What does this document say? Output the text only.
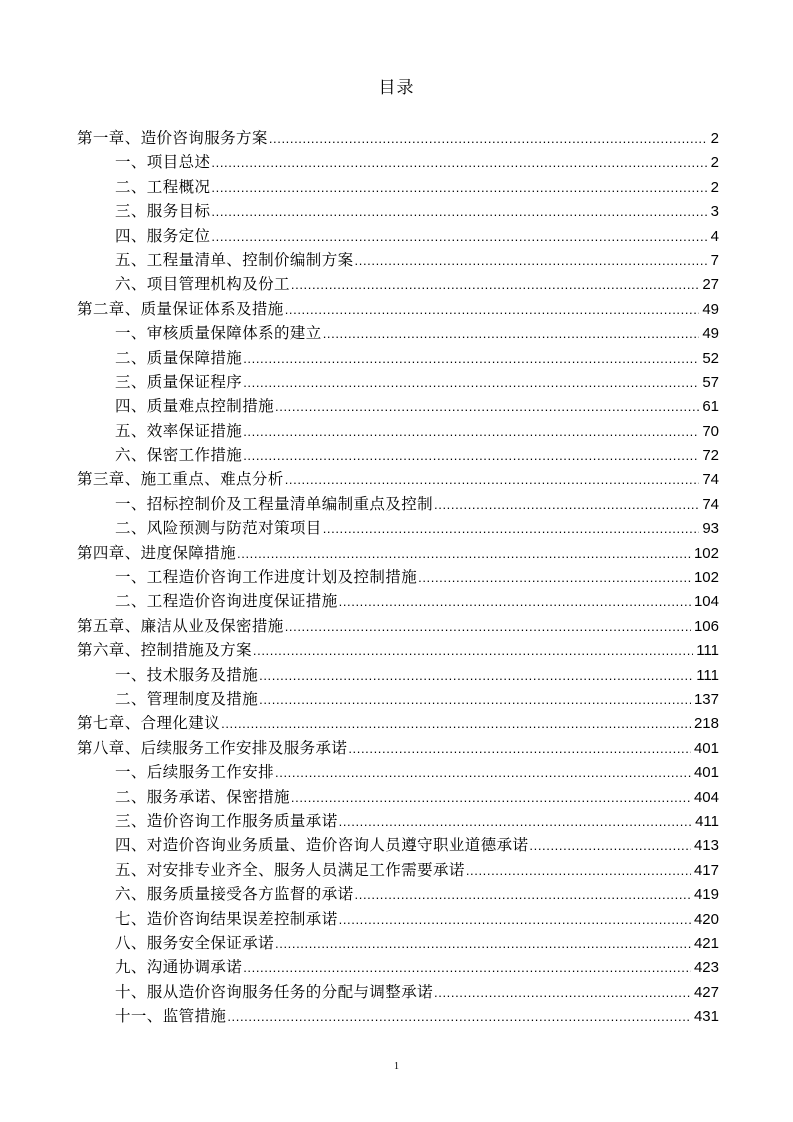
目录
第一章、造价咨询服务方案 .....	2
一、项目总述 .....	2
二、工程概况 .....	2
三、服务目标 .....	3
四、服务定位 .....	4
五、工程量清单、控制价编制方案 .....	7
六、项目管理机构及份工 .....	27
第二章、质量保证体系及措施 .....	49
一、审核质量保障体系的建立 .....	49
二、质量保障措施 .....	52
三、质量保证程序 .....	57
四、质量难点控制措施 .....	61
五、效率保证措施 .....	70
六、保密工作措施 .....	72
第三章、施工重点、难点分析 .....	74
一、招标控制价及工程量清单编制重点及控制 .....	74
二、风险预测与防范对策项目 .....	93
第四章、进度保障措施 .....	102
一、工程造价咨询工作进度计划及控制措施 .....	102
二、工程造价咨询进度保证措施 .....	104
第五章、廉洁从业及保密措施 .....	106
第六章、控制措施及方案 .....	111
一、技术服务及措施 .....	111
二、管理制度及措施 .....	137
第七章、合理化建议 .....	218
第八章、后续服务工作安排及服务承诺 .....	401
一、后续服务工作安排 .....	401
二、服务承诺、保密措施 .....	404
三、造价咨询工作服务质量承诺 .....	411
四、对造价咨询业务质量、造价咨询人员遵守职业道德承诺 .....	413
五、对安排专业齐全、服务人员满足工作需要承诺 .....	417
六、服务质量接受各方监督的承诺 .....	419
七、造价咨询结果误差控制承诺 .....	420
八、服务安全保证承诺 .....	421
九、沟通协调承诺 .....	423
十、服从造价咨询服务任务的分配与调整承诺 .....	427
十一、监管措施 .....	431
1
